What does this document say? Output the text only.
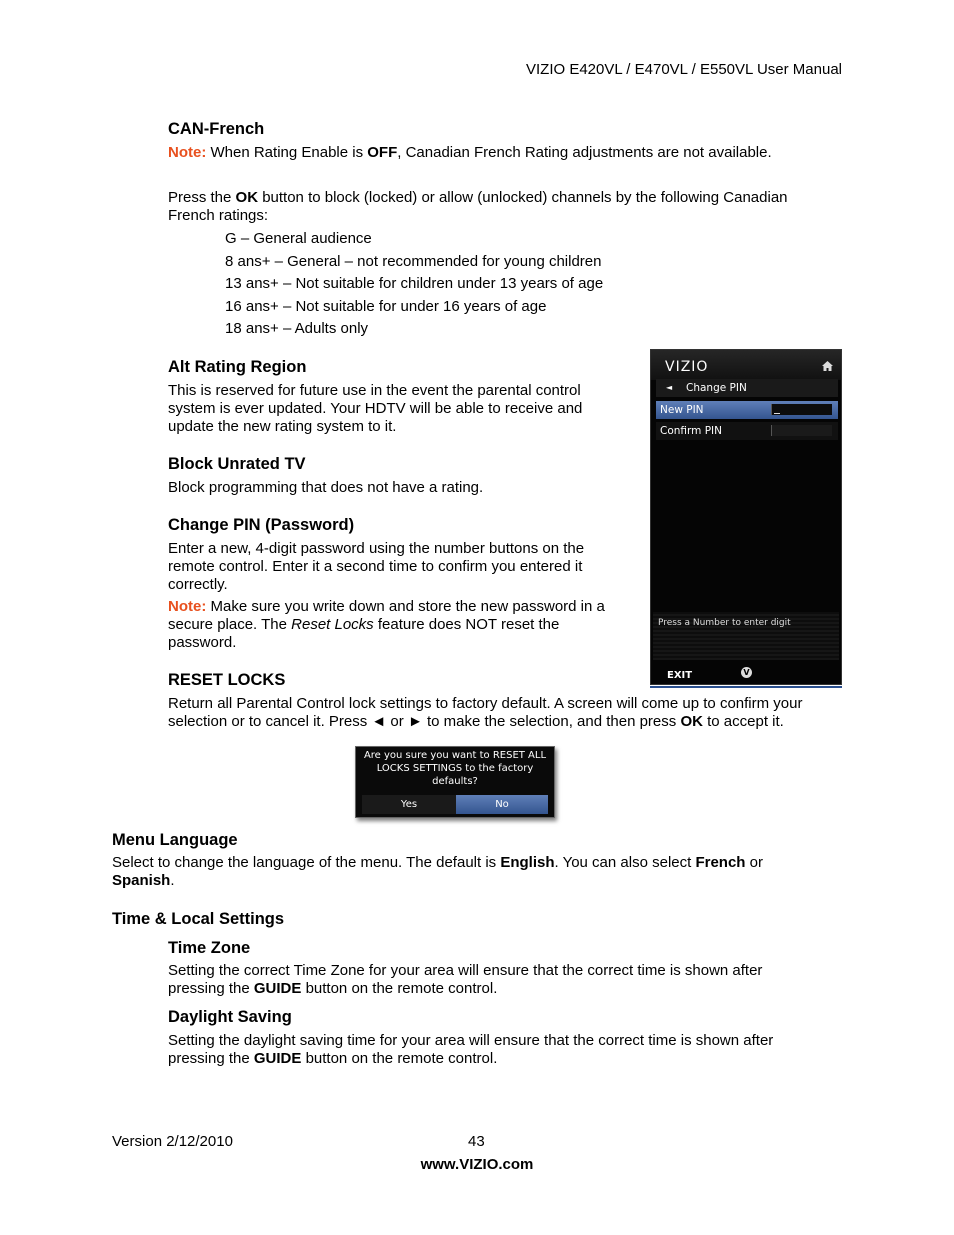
VIZIO E420VL / E470VL / E550VL User Manual
CAN-French

Note: When Rating Enable is OFF, Canadian French Rating adjustments are not available.

Press the OK button to block (locked) or allow (unlocked) channels by the following Canadian French ratings:

G – General audience
8 ans+ – General – not recommended for young children
13 ans+ – Not suitable for children under 13 years of age
16 ans+ – Not suitable for under 16 years of age
18 ans+ – Adults only
Alt Rating Region

This is reserved for future use in the event the parental control system is ever updated. Your HDTV will be able to receive and update the new rating system to it.

Block Unrated TV

Block programming that does not have a rating.

Change PIN (Password)

Enter a new, 4-digit password using the number buttons on the remote control. Enter it a second time to confirm you entered it correctly.

Note: Make sure you write down and store the new password in a secure place. The Reset Locks feature does NOT reset the password.

VIZIO
◄ Change PIN
New PIN
Confirm PIN
Press a Number to enter digit
EXIT	V
RESET LOCKS

Return all Parental Control lock settings to factory default. A screen will come up to confirm your selection or to cancel it. Press ◄ or ► to make the selection, and then press OK to accept it.

Are you sure you want to RESET ALL LOCKS SETTINGS to the factory defaults?
Yes	No
Menu Language

Select to change the language of the menu. The default is English. You can also select French or Spanish.

Time & Local Settings
Time Zone

Setting the correct Time Zone for your area will ensure that the correct time is shown after pressing the GUIDE button on the remote control.

Daylight Saving

Setting the daylight saving time for your area will ensure that the correct time is shown after pressing the GUIDE button on the remote control.

Version 2/12/2010	43
www.VIZIO.com
